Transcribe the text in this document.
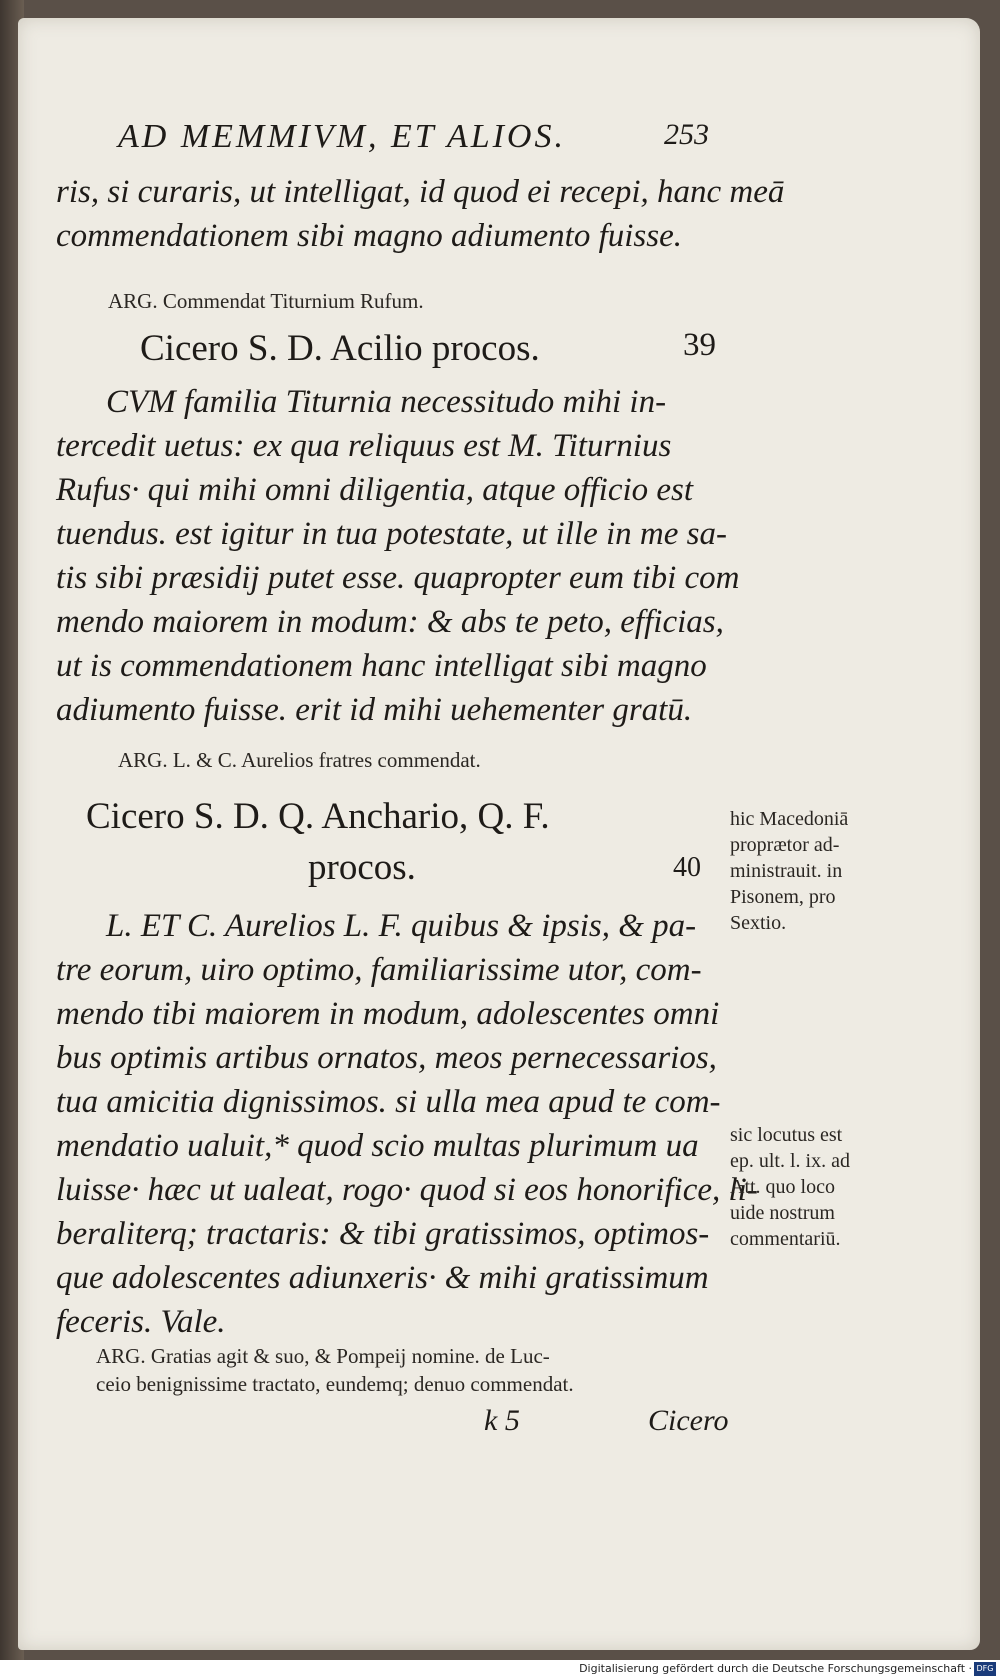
AD MEMMIVM, ET ALIOS.	253
ris, si curaris, ut intelligat, id quod ei recepi, hanc meā
commendationem sibi magno adiumento fuisse.
ARG. Commendat Titurnium Rufum.
Cicero S. D. Acilio procos.	39
CVM familia Titurnia necessitudo mihi in-
tercedit uetus: ex qua reliquus est M. Titurnius
Rufus· qui mihi omni diligentia, atque officio est
tuendus. est igitur in tua potestate, ut ille in me sa-
tis sibi præsidij putet esse. quapropter eum tibi com
mendo maiorem in modum: & abs te peto, efficias,
ut is commendationem hanc intelligat sibi magno
adiumento fuisse. erit id mihi uehementer gratū.
ARG. L. & C. Aurelios fratres commendat.
Cicero S. D. Q. Anchario, Q. F.
procos.	40
hic Macedoniā
proprætor ad-
ministrauit. in
Pisonem, pro
Sextio.
L. ET C. Aurelios L. F. quibus & ipsis, & pa-
tre eorum, uiro optimo, familiarissime utor, com-
mendo tibi maiorem in modum, adolescentes omni
bus optimis artibus ornatos, meos pernecessarios,
tua amicitia dignissimos. si ulla mea apud te com-
mendatio ualuit,* quod scio multas plurimum ua
luisse· hæc ut ualeat, rogo· quod si eos honorifice, li-
beraliterq; tractaris: & tibi gratissimos, optimos-
que adolescentes adiunxeris· & mihi gratissimum
feceris. Vale.
sic locutus est
ep. ult. l. ix. ad
Att. quo loco
uide nostrum
commentariū.
ARG. Gratias agit & suo, & Pompeij nomine. de Luc-
ceio benignissime tractato, eundemq; denuo commendat.
k 5	Cicero
Digitalisierung gefördert durch die Deutsche Forschungsgemeinschaft · DFG
